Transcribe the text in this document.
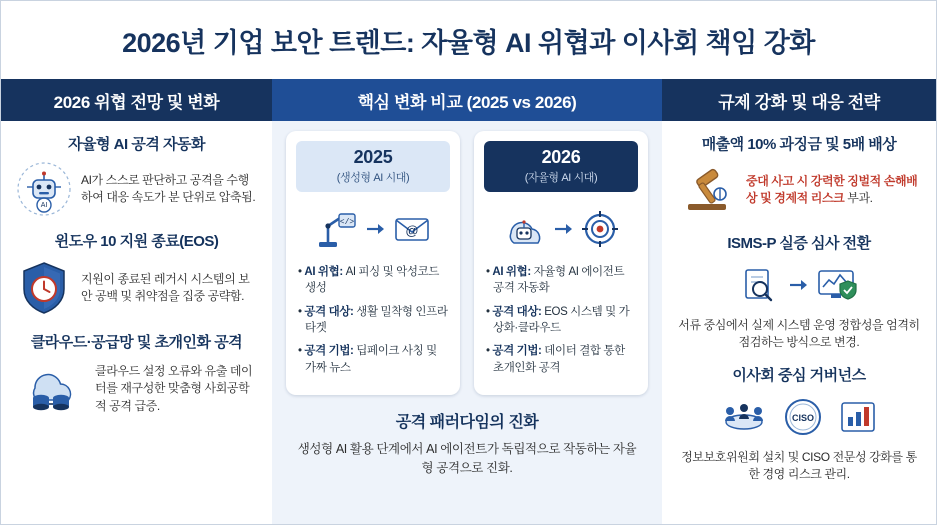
2026년 기업 보안 트렌드: 자율형 AI 위협과 이사회 책임 강화
2026 위협 전망 및 변화
자율형 AI 공격 자동화
AI
AI가 스스로 판단하고 공격을 수행하여 대응 속도가 분 단위로 압축됨.
윈도우 10 지원 종료(EOS)
지원이 종료된 레거시 시스템의 보안 공백 및 취약점을 집중 공략함.
클라우드·공급망 및 초개인화 공격
클라우드 설정 오류와 유출 데이터를 재구성한 맞춤형 사회공학적 공격 급증.
핵심 변화 비교 (2025 vs 2026)
2025
(생성형 AI 시대)
</>
@
• AI 위협: AI 피싱 및 악성코드 생성
• 공격 대상: 생활 밀착형 인프라 타겟
• 공격 기법: 딥페이크 사칭 및 가짜 뉴스
2026
(자율형 AI 시대)
• AI 위협: 자율형 AI 에이전트 공격 자동화
• 공격 대상: EOS 시스템 및 가상화·클라우드
• 공격 기법: 데이터 결합 통한 초개인화 공격
공격 패러다임의 진화
생성형 AI 활용 단계에서 AI 에이전트가 독립적으로 작동하는 자율형 공격으로 진화.
규제 강화 및 대응 전략
매출액 10% 과징금 및 5배 배상
중대 사고 시 강력한 징벌적 손해배상 및 경제적 리스크 부과.
ISMS-P 실증 심사 전환
서류 중심에서 실제 시스템 운영 정합성을 엄격히 점검하는 방식으로 변경.
이사회 중심 거버넌스
CISO
정보보호위원회 설치 및 CISO 전문성 강화를 통한 경영 리스크 관리.
